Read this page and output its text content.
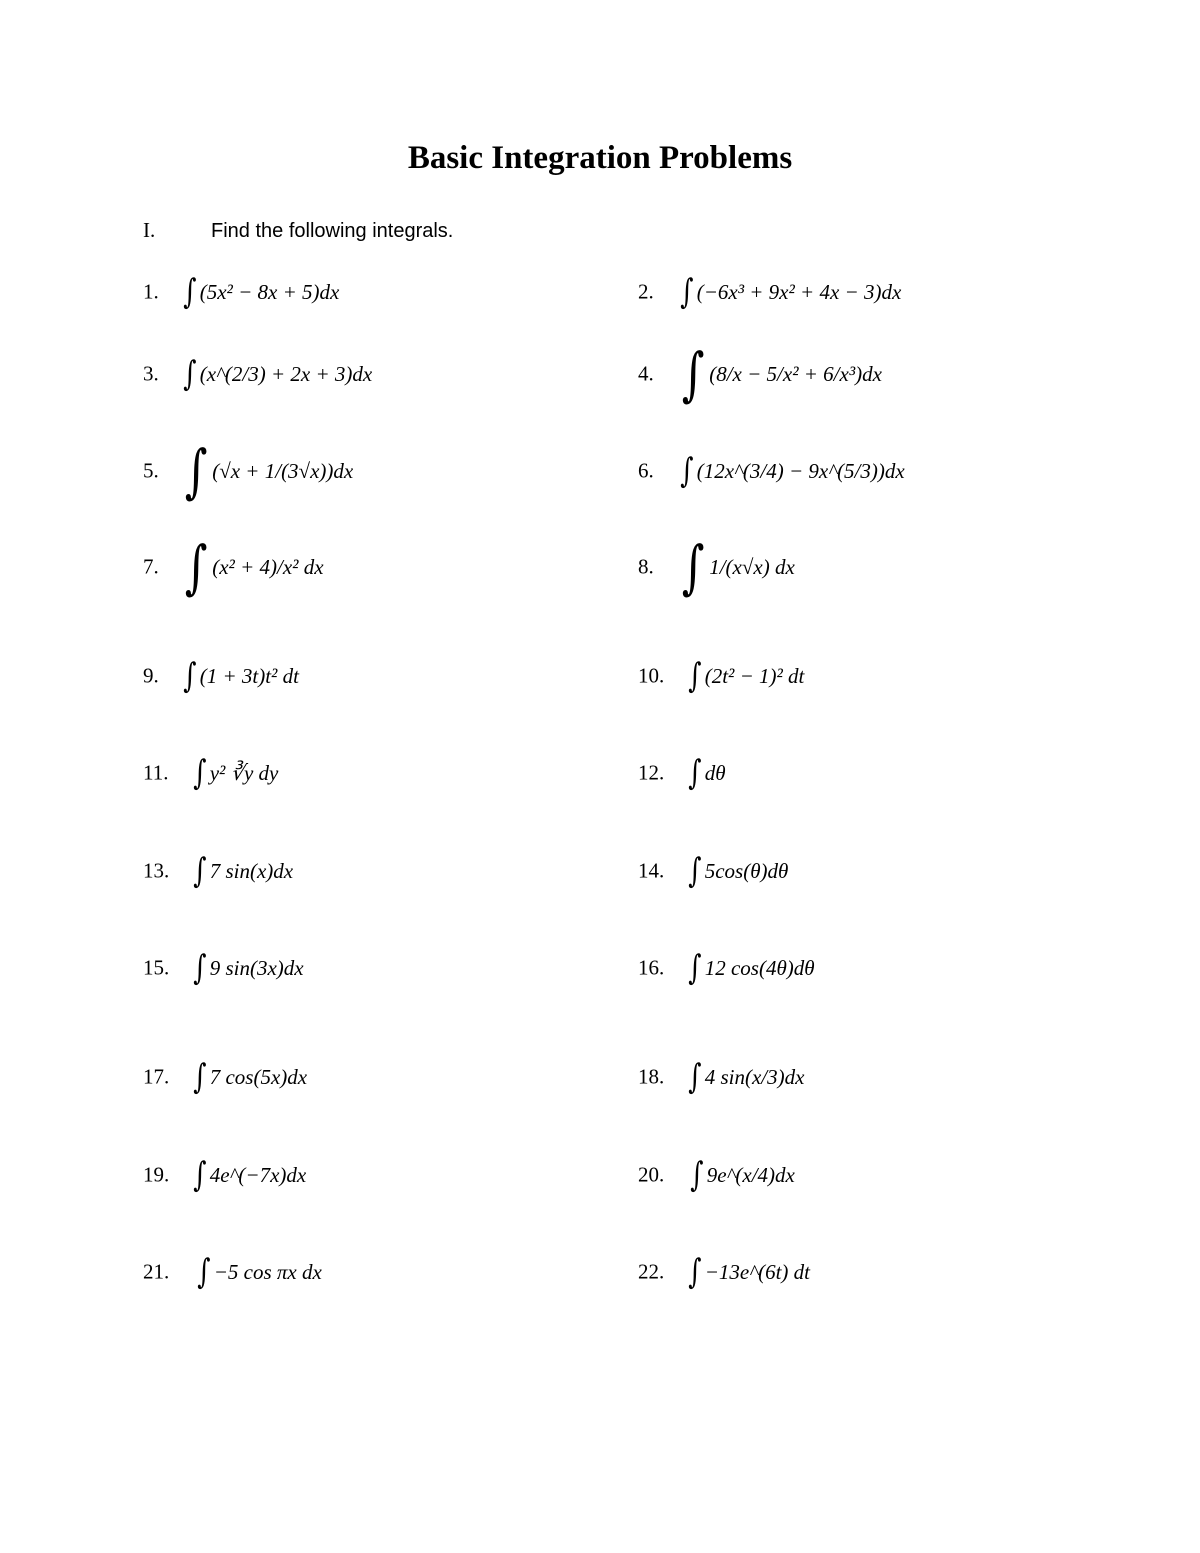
Basic Integration Problems
I.	Find the following integrals.
1. ∫ (5x² − 8x + 5)dx	2. ∫ (−6x³ + 9x² + 4x − 3)dx
3. ∫ (x^(2/3) + 2x + 3)dx	4. ∫ (8/x − 5/x² + 6/x³)dx
5. ∫ (√x + 1/(3√x))dx	6. ∫ (12x^(3/4) − 9x^(5/3))dx
7. ∫ (x² + 4)/x² dx	8. ∫ 1/(x√x) dx
9. ∫ (1 + 3t)t² dt	10. ∫ (2t² − 1)² dt
11. ∫ y² ∛y dy	12. ∫ dθ
13. ∫ 7 sin(x)dx	14. ∫ 5cos(θ)dθ
15. ∫ 9 sin(3x)dx	16. ∫ 12 cos(4θ)dθ
17. ∫ 7 cos(5x)dx	18. ∫ 4 sin(x/3)dx
19. ∫ 4e^(−7x)dx	20. ∫ 9e^(x/4)dx
21. ∫ −5 cos πx dx	22. ∫ −13e^(6t) dt
